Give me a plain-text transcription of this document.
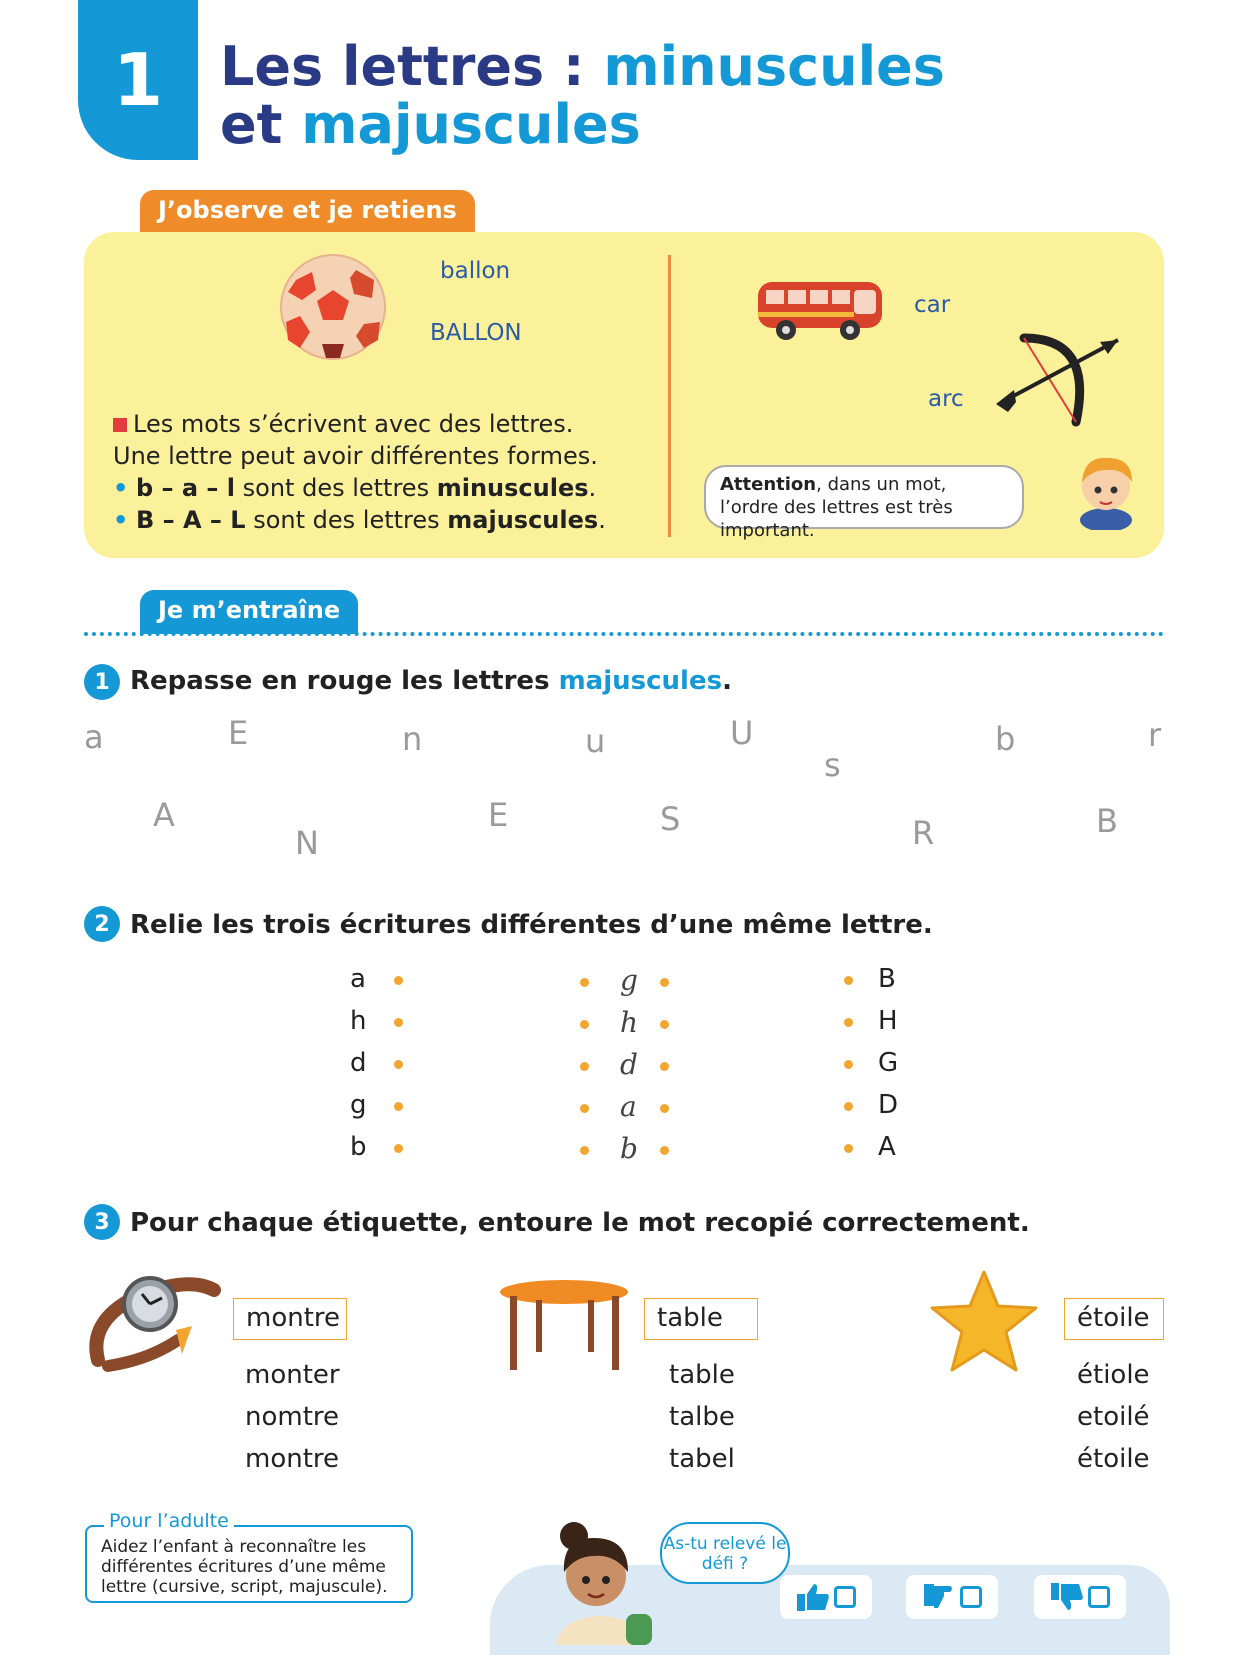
1 Les lettres : minuscules
et majuscules
J’observe et je retiens
ballon
BALLON
car
arc
Les mots s’écrivent avec des lettres.
Une lettre peut avoir différentes formes.
• b – a – l sont des lettres minuscules.
• B – A – L sont des lettres majuscules.
Attention, dans un mot, l’ordre des lettres est très important.
Je m’entraîne
1 Repasse en rouge les lettres majuscules.
a	E	n	u	U
s
b	r
A
N
E	S	R	B
2 Relie les trois écritures différentes d’une même lettre.
a
h
d
g
b
g
h
d
a
b
B
H
G
D
A
3 Pour chaque étiquette, entoure le mot recopié correctement.
montre
monter
nomtre
montre
table
table
talbe
tabel
étoile
étiole
etoilé
étoile
Aidez l’enfant à reconnaître les différentes écritures d’une même lettre (cursive, script, majuscule).
Pour l’adulte
As-tu relevé le défi ?
